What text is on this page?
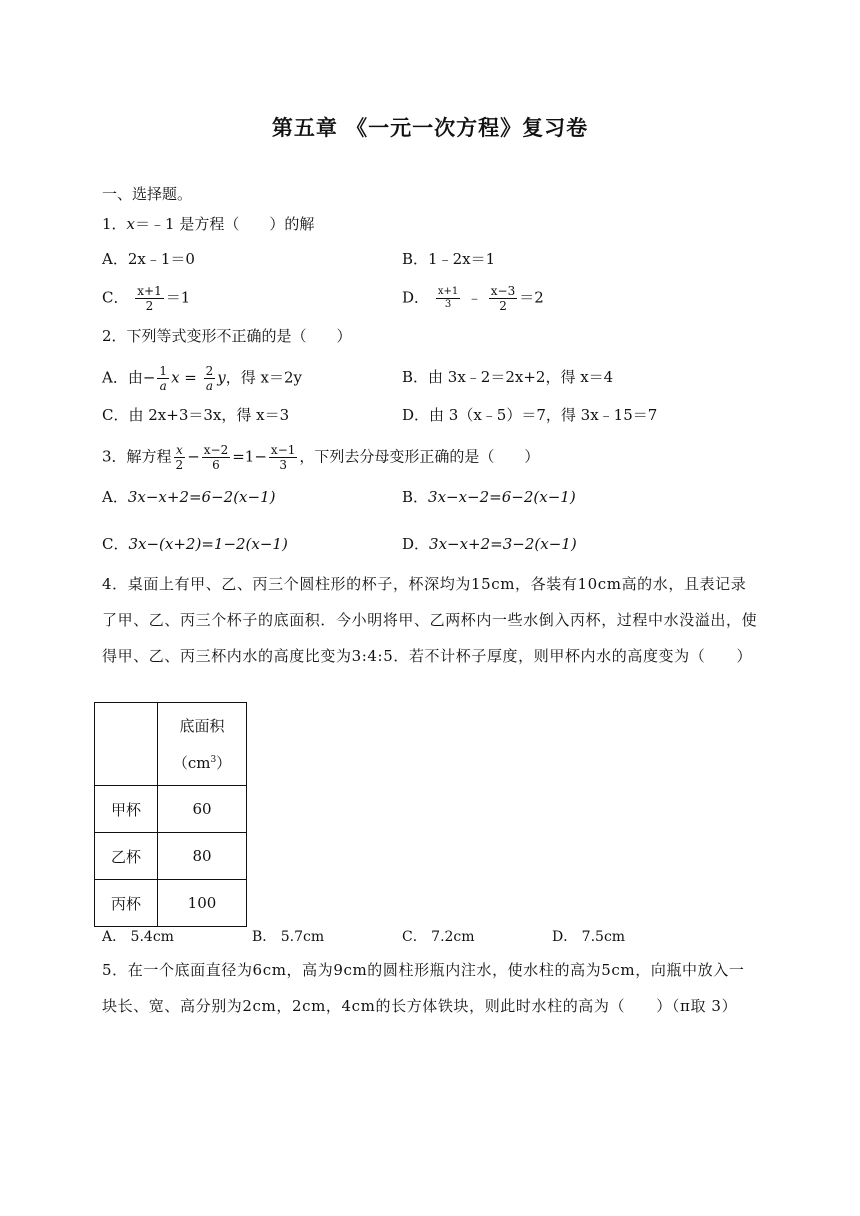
第五章 《一元一次方程》复习卷
一、选择题。
1．x＝﹣1 是方程（　　）的解
A．2x﹣1＝0	B．1﹣2x＝1
C． $\frac{x+1}{2} =1$	D． $\frac{x+1}{3}$ ﹣ $\frac{x-3}{2} =2$
2．下列等式变形不正确的是（　　）
A．由− $\frac{1}{a}$ $x = \frac{2}{a}$ y，得 x＝2y	B．由 3x﹣2＝2x+2，得 x＝4
C．由 2x+3＝3x，得 x＝3	D．由 3（x﹣5）＝7，得 3x﹣15＝7
3．解方程 $\frac{x}{2} - \frac{x-2}{6} =1- \frac{x-1}{3}$ ，下列去分母变形正确的是（　　）
A．3x−x+2=6−2(x−1)	B．3x−x−2=6−2(x−1)
C．3x−(x+2)=1−2(x−1)	D．3x−x+2=3−2(x−1)
4．桌面上有甲、乙、丙三个圆柱形的杯子，杯深均为15cm，各装有10cm高的水，且表记录了甲、乙、丙三个杯子的底面积．今小明将甲、乙两杯内一些水倒入丙杯，过程中水没溢出，使得甲、乙、丙三杯内水的高度比变为3:4:5．若不计杯子厚度，则甲杯内水的高度变为（　　）
	底面积
$(cm^3)$
甲杯	60
乙杯	80
丙杯	100
A． 5.4cm	B． 5.7cm	C． 7.2cm	D． 7.5cm
5．在一个底面直径为6cm，高为9cm的圆柱形瓶内注水，使水柱的高为5cm，向瓶中放入一块长、宽、高分别为2cm，2cm，4cm的长方体铁块，则此时水柱的高为（　　）（π取 3）
